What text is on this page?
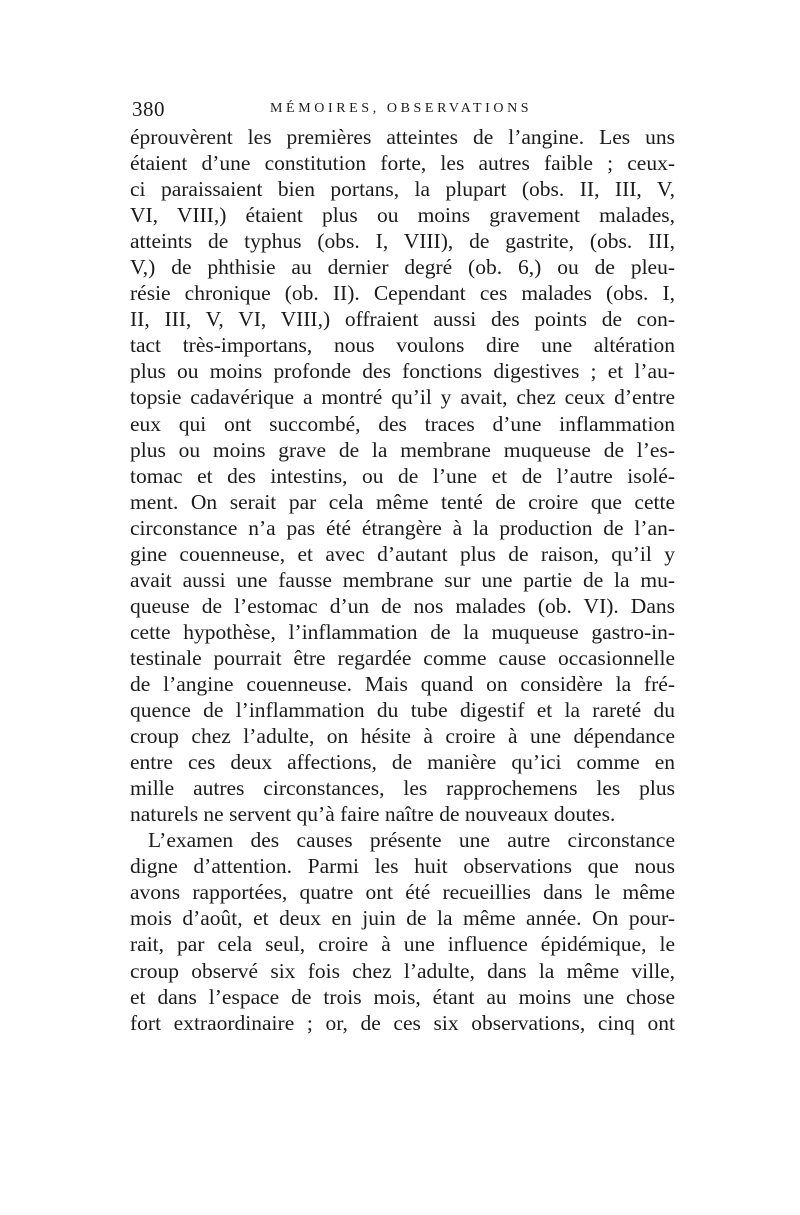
380	MÉMOIRES, OBSERVATIONS
éprouvèrent les premières atteintes de l’angine. Les uns
étaient d’une constitution forte, les autres faible ; ceux-
ci paraissaient bien portans, la plupart (obs. II, III, V,
VI, VIII,) étaient plus ou moins gravement malades,
atteints de typhus (obs. I, VIII), de gastrite, (obs. III,
V,) de phthisie au dernier degré (ob. 6,) ou de pleu-
résie chronique (ob. II). Cependant ces malades (obs. I,
II, III, V, VI, VIII,) offraient aussi des points de con-
tact très-importans, nous voulons dire une altération
plus ou moins profonde des fonctions digestives ; et l’au-
topsie cadavérique a montré qu’il y avait, chez ceux d’entre
eux qui ont succombé, des traces d’une inflammation
plus ou moins grave de la membrane muqueuse de l’es-
tomac et des intestins, ou de l’une et de l’autre isolé-
ment. On serait par cela même tenté de croire que cette
circonstance n’a pas été étrangère à la production de l’an-
gine couenneuse, et avec d’autant plus de raison, qu’il y
avait aussi une fausse membrane sur une partie de la mu-
queuse de l’estomac d’un de nos malades (ob. VI). Dans
cette hypothèse, l’inflammation de la muqueuse gastro-in-
testinale pourrait être regardée comme cause occasionnelle
de l’angine couenneuse. Mais quand on considère la fré-
quence de l’inflammation du tube digestif et la rareté du
croup chez l’adulte, on hésite à croire à une dépendance
entre ces deux affections, de manière qu’ici comme en
mille autres circonstances, les rapprochemens les plus
naturels ne servent qu’à faire naître de nouveaux doutes.
L’examen des causes présente une autre circonstance
digne d’attention. Parmi les huit observations que nous
avons rapportées, quatre ont été recueillies dans le même
mois d’août, et deux en juin de la même année. On pour-
rait, par cela seul, croire à une influence épidémique, le
croup observé six fois chez l’adulte, dans la même ville,
et dans l’espace de trois mois, étant au moins une chose
fort extraordinaire ; or, de ces six observations, cinq ont
